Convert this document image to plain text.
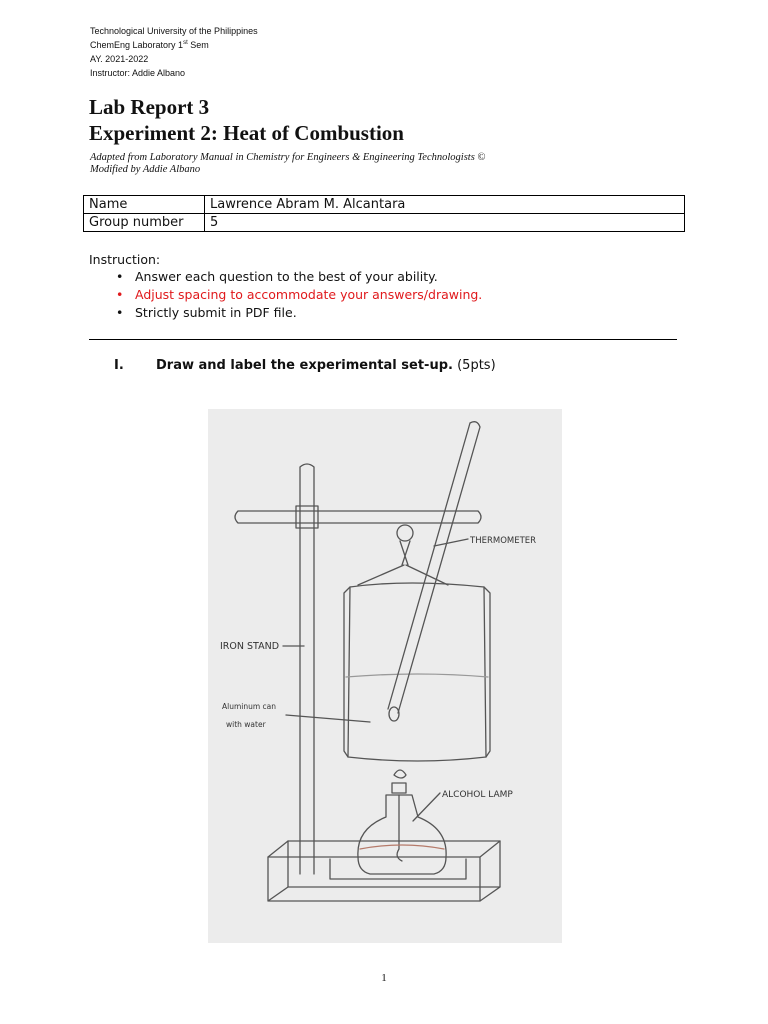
Technological University of the Philippines
ChemEng Laboratory 1st Sem
AY. 2021-2022
Instructor: Addie Albano
Lab Report 3
Experiment 2: Heat of Combustion
Adapted from Laboratory Manual in Chemistry for Engineers & Engineering Technologists ©
Modified by Addie Albano
Name	Lawrence Abram M. Alcantara
Group number	5
Instruction:
• Answer each question to the best of your ability.
• Adjust spacing to accommodate your answers/drawing.
• Strictly submit in PDF file.
I. Draw and label the experimental set-up. (5pts)
THERMOMETER
IRON STAND
Aluminum can
with water
ALCOHOL LAMP
1
